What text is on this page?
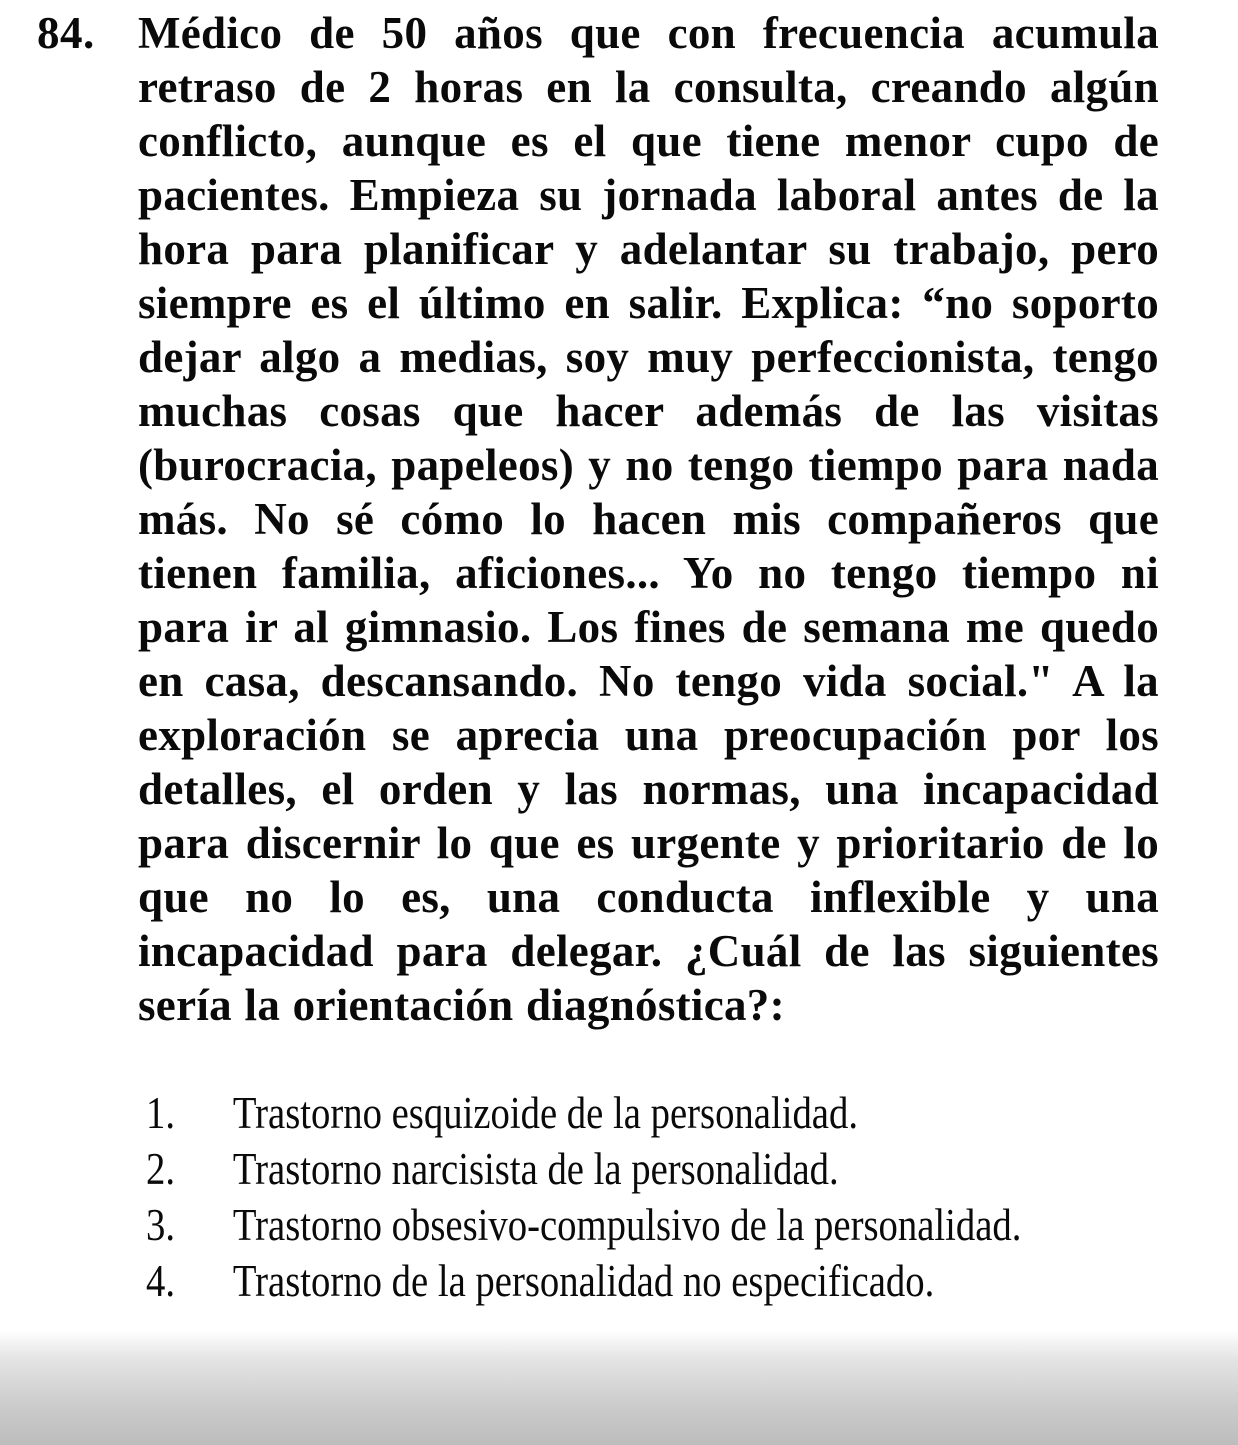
84. Médico de 50 años que con frecuencia acumula retraso de 2 horas en la consulta, creando algún conflicto, aunque es el que tiene menor cupo de pacientes. Empieza su jornada laboral antes de la hora para planificar y adelantar su trabajo, pero siempre es el último en salir. Explica: “no soporto dejar algo a medias, soy muy perfeccionista, tengo muchas cosas que hacer además de las visitas (burocracia, papeleos) y no tengo tiempo para nada más. No sé cómo lo hacen mis compañeros que tienen familia, aficiones... Yo no tengo tiempo ni para ir al gimnasio. Los fines de semana me quedo en casa, descansando. No tengo vida social." A la exploración se aprecia una preocupación por los detalles, el orden y las normas, una incapacidad para discernir lo que es urgente y prioritario de lo que no lo es, una conducta inflexible y una incapacidad para delegar. ¿Cuál de las siguientes sería la orientación diagnóstica?:
1.	Trastorno esquizoide de la personalidad.
2.	Trastorno narcisista de la personalidad.
3.	Trastorno obsesivo-compulsivo de la personalidad.
4.	Trastorno de la personalidad no especificado.
